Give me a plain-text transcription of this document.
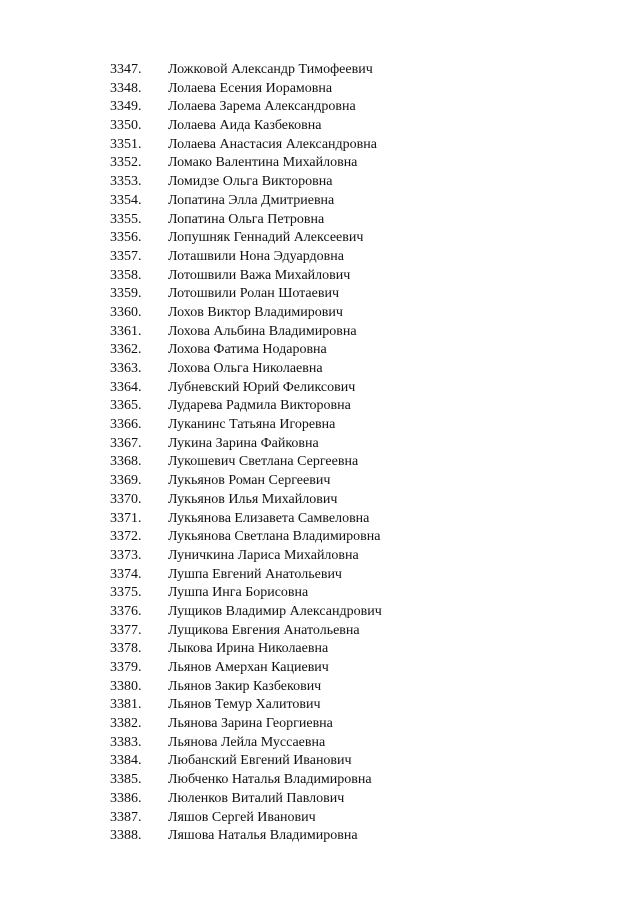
3347.	Ложковой Александр Тимофеевич
3348.	Лолаева Есения Иорамовна
3349.	Лолаева Зарема Александровна
3350.	Лолаева Аида Казбековна
3351.	Лолаева Анастасия Александровна
3352.	Ломако Валентина Михайловна
3353.	Ломидзе Ольга Викторовна
3354.	Лопатина Элла Дмитриевна
3355.	Лопатина Ольга Петровна
3356.	Лопушняк Геннадий Алексеевич
3357.	Лоташвили Нона Эдуардовна
3358.	Лотошвили Важа Михайлович
3359.	Лотошвили Ролан Шотаевич
3360.	Лохов Виктор Владимирович
3361.	Лохова Альбина Владимировна
3362.	Лохова Фатима Нодаровна
3363.	Лохова Ольга Николаевна
3364.	Лубневский Юрий Феликсович
3365.	Лударева Радмила Викторовна
3366.	Луканинс Татьяна Игоревна
3367.	Лукина Зарина Файковна
3368.	Лукошевич Светлана Сергеевна
3369.	Лукьянов Роман Сергеевич
3370.	Лукьянов Илья Михайлович
3371.	Лукьянова Елизавета Самвеловна
3372.	Лукьянова Светлана Владимировна
3373.	Луничкина Лариса Михайловна
3374.	Лушпа Евгений Анатольевич
3375.	Лушпа Инга Борисовна
3376.	Лущиков Владимир Александрович
3377.	Лущикова Евгения Анатольевна
3378.	Лыкова Ирина Николаевна
3379.	Льянов Амерхан Кациевич
3380.	Льянов Закир Казбекович
3381.	Льянов Темур Халитович
3382.	Льянова Зарина Георгиевна
3383.	Льянова Лейла Муссаевна
3384.	Любанский Евгений Иванович
3385.	Любченко Наталья Владимировна
3386.	Люленков Виталий Павлович
3387.	Ляшов Сергей Иванович
3388.	Ляшова Наталья Владимировна
